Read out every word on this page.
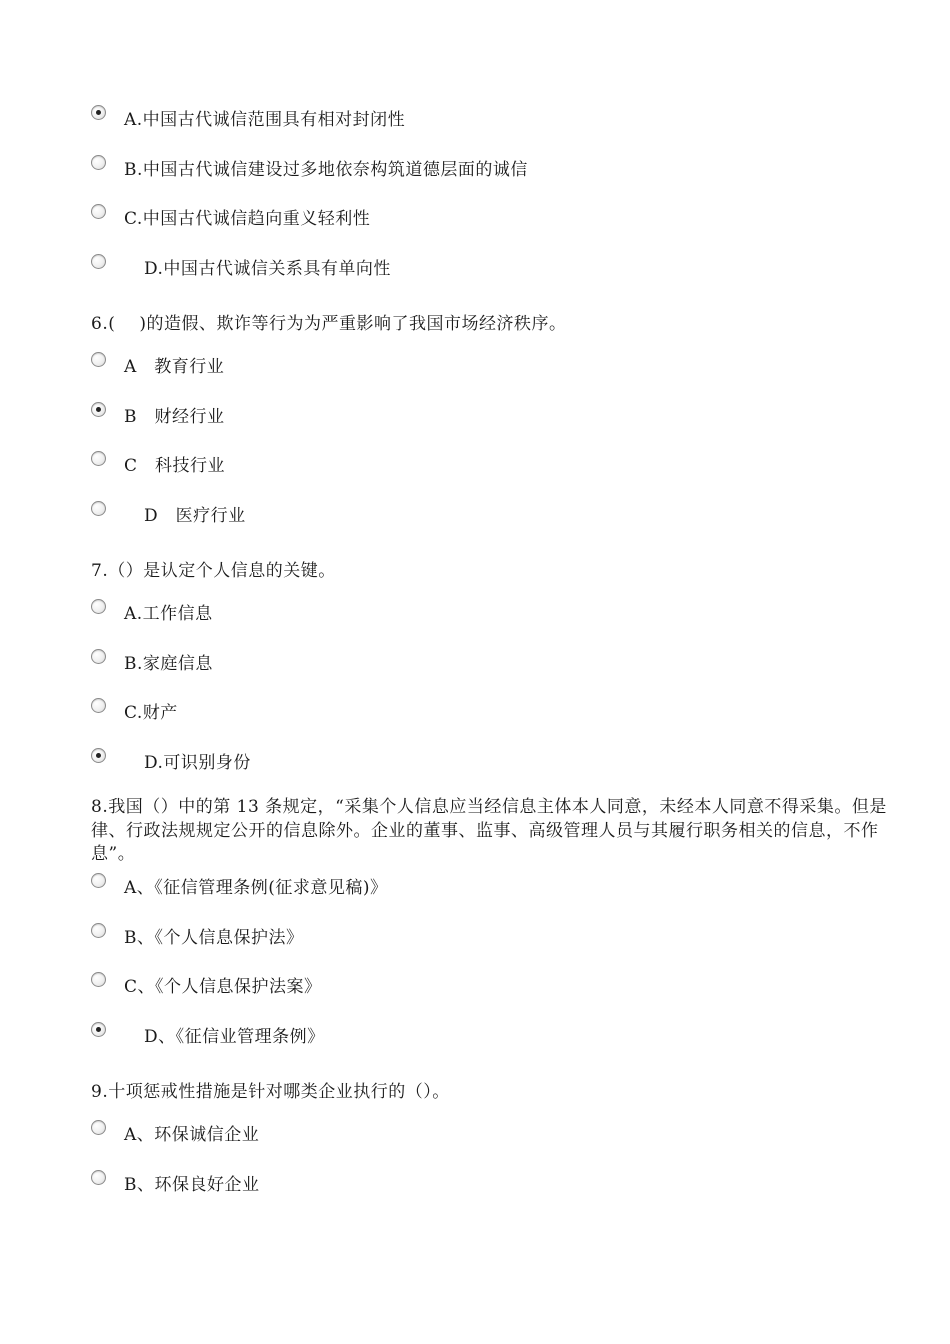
A.中国古代诚信范围具有相对封闭性
B.中国古代诚信建设过多地依奈构筑道德层面的诚信
C.中国古代诚信趋向重义轻利性
D.中国古代诚信关系具有单向性
6.( )的造假、欺诈等行为为严重影响了我国市场经济秩序。
A　教育行业
B　财经行业
C　科技行业
D　医疗行业
7.（）是认定个人信息的关键。
A.工作信息
B.家庭信息
C.财产
D.可识别身份
8.我国（）中的第 13 条规定，“采集个人信息应当经信息主体本人同意，未经本人同意不得采集。但是
律、行政法规规定公开的信息除外。企业的董事、监事、高级管理人员与其履行职务相关的信息，不作
息”。
A、《征信管理条例(征求意见稿)》
B、《个人信息保护法》
C、《个人信息保护法案》
D、《征信业管理条例》
9.十项惩戒性措施是针对哪类企业执行的（）。
A、环保诚信企业
B、环保良好企业
